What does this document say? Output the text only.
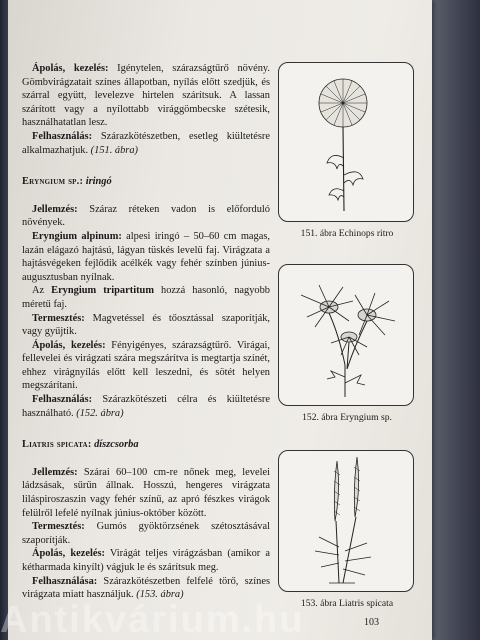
Ápolás, kezelés: Igénytelen, szárazságtűrő növény. Gömbvirágzatait színes állapotban, nyílás előtt szedjük, és szárral együtt, levelezve hirtelen szárítsuk. A lassan szárított vagy a nyílottabb virággömbecske szétesik, használhatatlan lesz.

Felhasználás: Szárazkötészetben, esetleg kiültetésre alkalmazhatjuk. (151. ábra)

Eryngium sp.: iringó

Jellemzés: Száraz réteken vadon is előforduló növények.

Eryngium alpinum: alpesi iringó – 50–60 cm magas, lazán elágazó hajtású, lágyan tüskés levelű faj. Virágzata a hajtásvégeken fejlődik acélkék vagy fehér színben június-augusztusban nyílnak.

Az Eryngium tripartitum hozzá hasonló, nagyobb méretű faj.

Termesztés: Magvetéssel és tőosztással szaporítják, vagy gyűjtik.

Ápolás, kezelés: Fényigényes, szárazságtűrő. Virágai, fellevelei és virágzati szára megszárítva is megtartja színét, ehhez virágnyílás előtt kell leszedni, és sötét helyen megszárítani.

Felhasználás: Szárazkötészeti célra és kiültetésre használható. (152. ábra)

Liatris spicata: díszcsorba

Jellemzés: Szárai 60–100 cm-re nőnek meg, levelei ládzsásak, sűrűn állnak. Hosszú, hengeres virágzata liláspiroszaszin vagy fehér színű, az apró fészkes virágok felülről lefelé nyílnak június-október között.

Termesztés: Gumós gyöktörzsének szétosztásával szaporítják.

Ápolás, kezelés: Virágát teljes virágzásban (amikor a kétharmada kinyílt) vágjuk le és szárítsuk meg.

Felhasználása: Szárazkötészetben felfelé törő, színes virágzata miatt használjuk. (153. ábra)

151. ábra Echinops ritro
152. ábra Eryngium sp.
153. ábra Liatris spicata
103
Antikvárium.hu
